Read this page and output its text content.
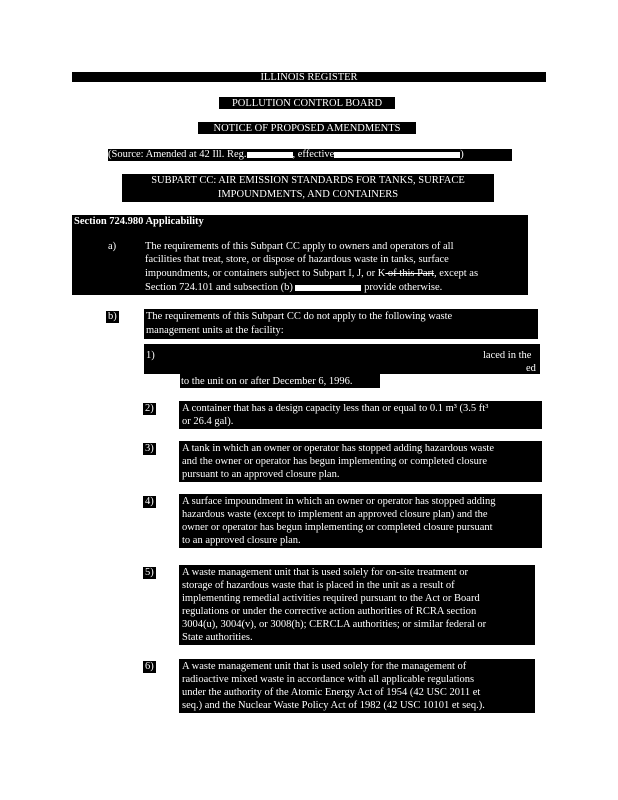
ILLINOIS REGISTER
POLLUTION CONTROL BOARD
NOTICE OF PROPOSED AMENDMENTS
(Source: Amended at 42 Ill. Reg.	, effective	)
SUBPART CC: AIR EMISSION STANDARDS FOR TANKS, SURFACE
IMPOUNDMENTS, AND CONTAINERS
Section 724.980 Applicability
a)	The requirements of this Subpart CC apply to owners and operators of all
facilities that treat, store, or dispose of hazardous waste in tanks, surface
impoundments, or containers subject to Subpart I, J, or K of this Part, except as
Section 724.101 and subsection (b)	provide otherwise.
b)	The requirements of this Subpart CC do not apply to the following waste
management units at the facility:
1)	laced in the
ed
to the unit on or after December 6, 1996.
2)	A container that has a design capacity less than or equal to 0.1 m³ (3.5 ft³
or 26.4 gal).
3)	A tank in which an owner or operator has stopped adding hazardous waste
and the owner or operator has begun implementing or completed closure
pursuant to an approved closure plan.
4)	A surface impoundment in which an owner or operator has stopped adding
hazardous waste (except to implement an approved closure plan) and the
owner or operator has begun implementing or completed closure pursuant
to an approved closure plan.
5)	A waste management unit that is used solely for on-site treatment or
storage of hazardous waste that is placed in the unit as a result of
implementing remedial activities required pursuant to the Act or Board
regulations or under the corrective action authorities of RCRA section
3004(u), 3004(v), or 3008(h); CERCLA authorities; or similar federal or
State authorities.
6)	A waste management unit that is used solely for the management of
radioactive mixed waste in accordance with all applicable regulations
under the authority of the Atomic Energy Act of 1954 (42 USC 2011 et
seq.) and the Nuclear Waste Policy Act of 1982 (42 USC 10101 et seq.).
